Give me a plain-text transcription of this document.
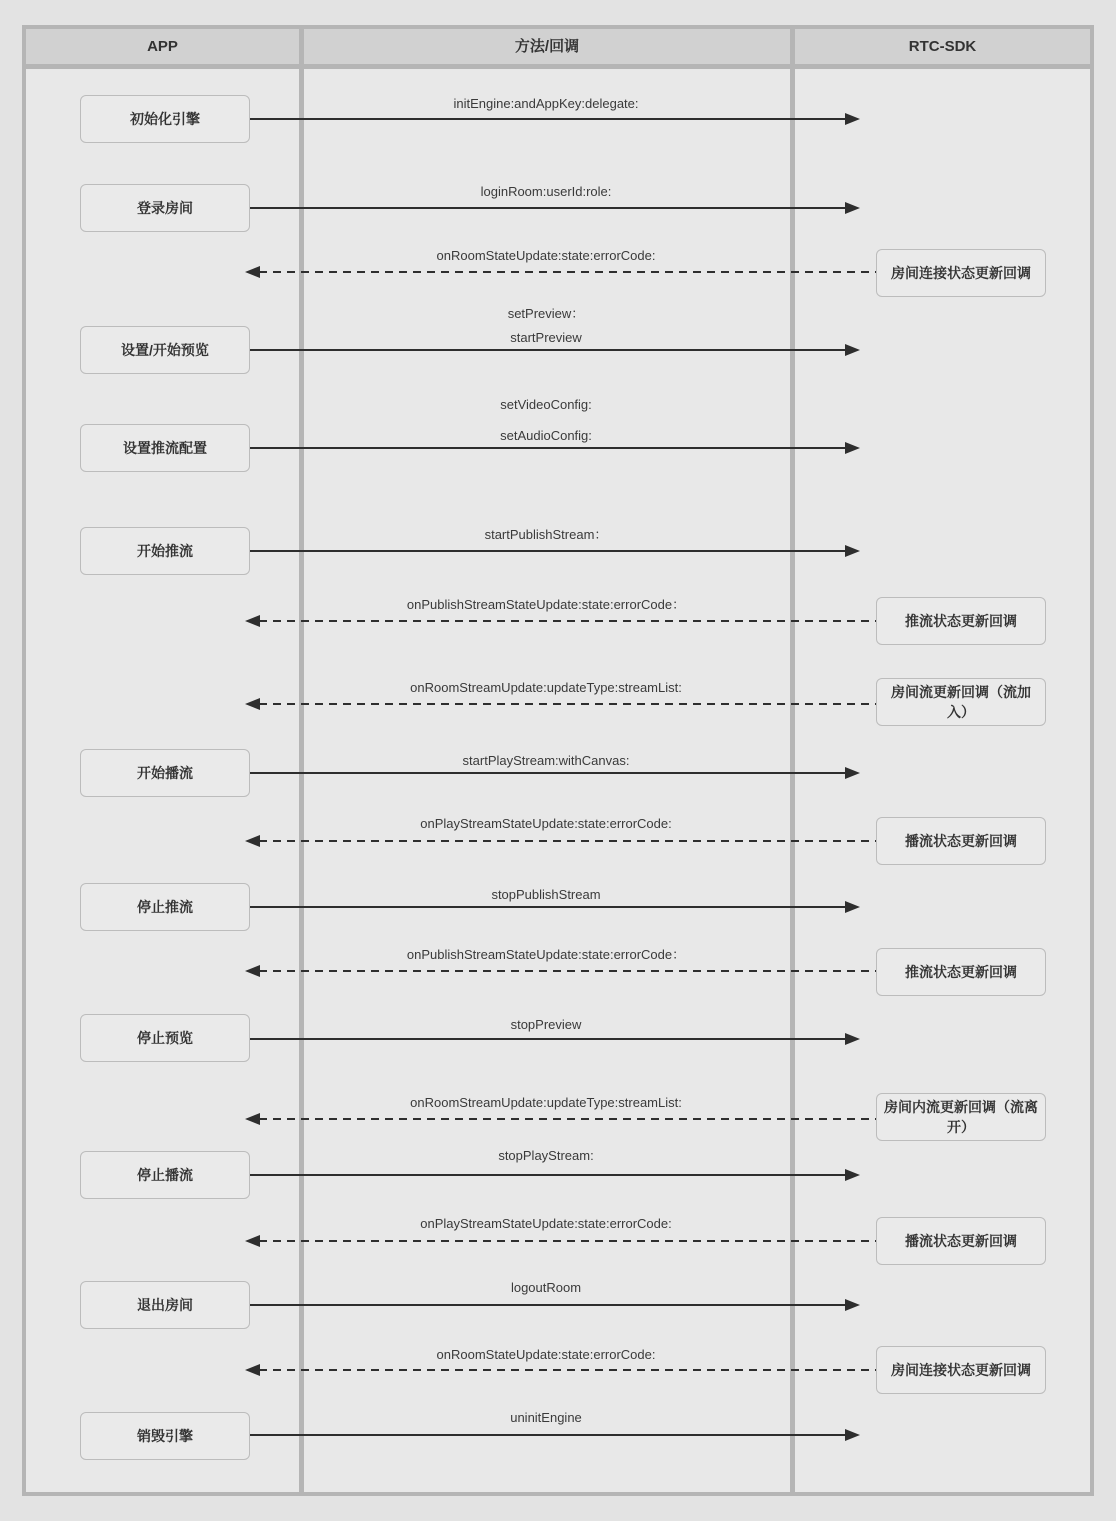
APP	方法/回调	RTC-SDK
initEngine:andAppKey:delegate:
初始化引擎
loginRoom:userId:role:
登录房间
onRoomStateUpdate:state:errorCode:
房间连接状态更新回调
setPreview：
startPreview
设置/开始预览
setVideoConfig:
setAudioConfig:
设置推流配置
startPublishStream：
开始推流
onPublishStreamStateUpdate:state:errorCode：
推流状态更新回调
onRoomStreamUpdate:updateType:streamList:	房间流更新回调（流加入）
startPlayStream:withCanvas:
开始播流
onPlayStreamStateUpdate:state:errorCode:
播流状态更新回调
stopPublishStream
停止推流
onPublishStreamStateUpdate:state:errorCode：
推流状态更新回调
stopPreview
停止预览
onRoomStreamUpdate:updateType:streamList:	房间内流更新回调（流离开）
stopPlayStream:
停止播流
onPlayStreamStateUpdate:state:errorCode:
播流状态更新回调
logoutRoom
退出房间
onRoomStateUpdate:state:errorCode:
房间连接状态更新回调
uninitEngine
销毁引擎
